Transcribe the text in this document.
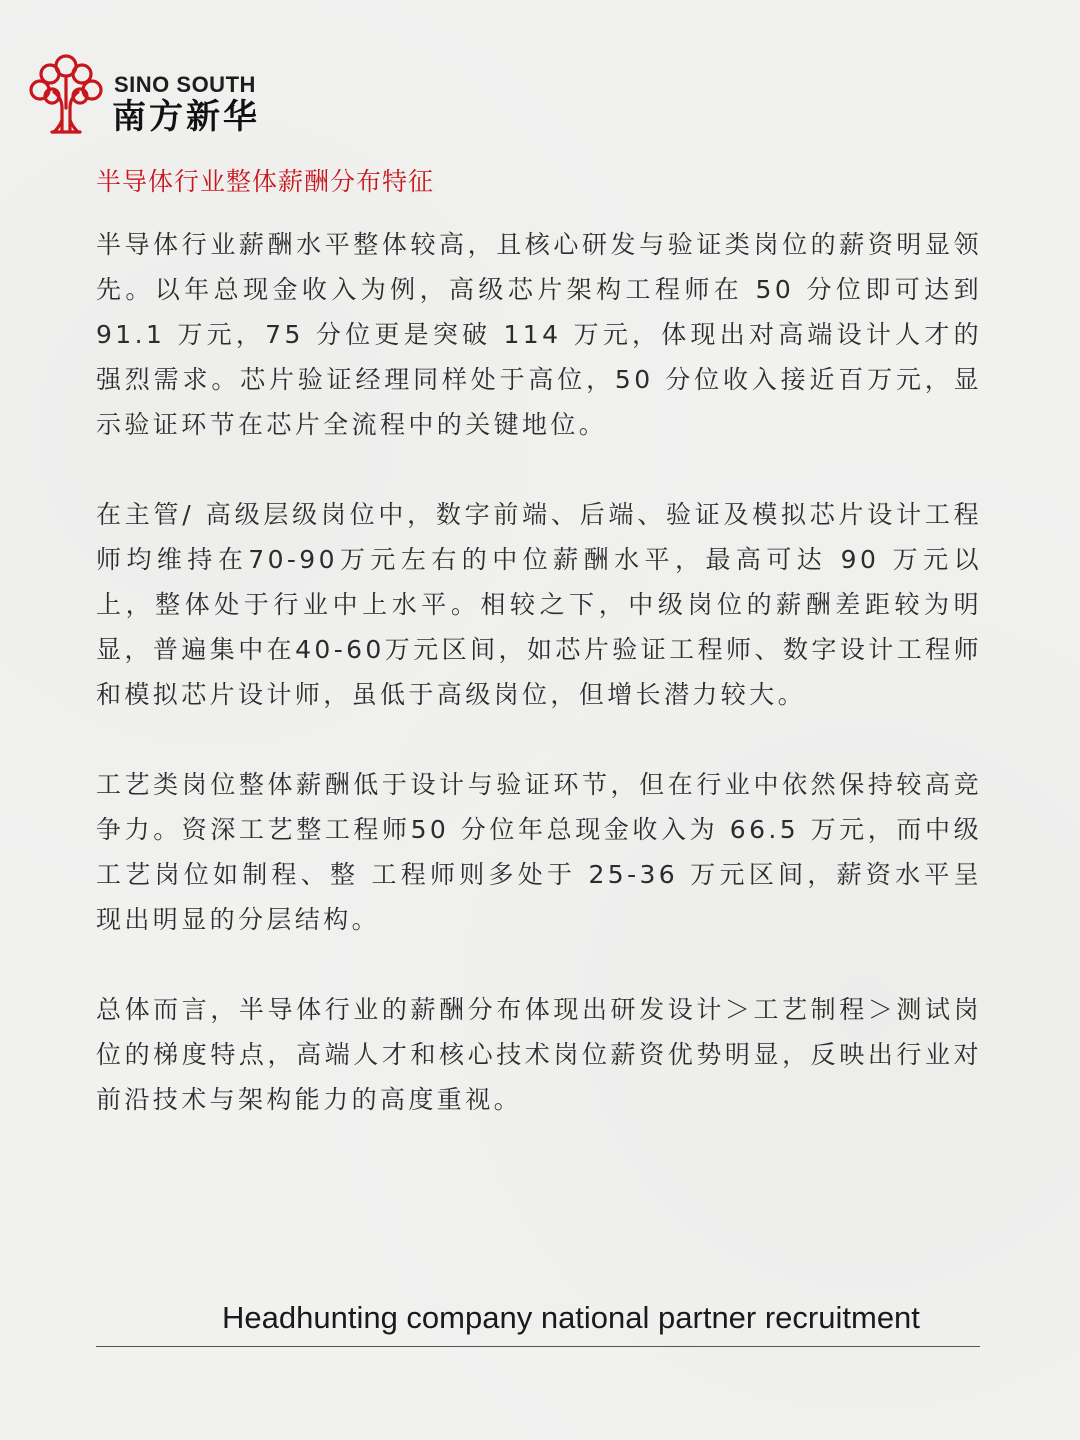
SINO SOUTH
南方新华
半导体行业整体薪酬分布特征

半导体行业薪酬水平整体较高，且核心研发与验证类岗位的薪资明显领先。以年总现金收入为例，高级芯片架构工程师在 50 分位即可达到 91.1 万元，75 分位更是突破 114 万元，体现出对高端设计人才的强烈需求。芯片验证经理同样处于高位，50 分位收入接近百万元，显示验证环节在芯片全流程中的关键地位。

在主管/ 高级层级岗位中，数字前端、后端、验证及模拟芯片设计工程师均维持在70-90万元左右的中位薪酬水平，最高可达 90 万元以上，整体处于行业中上水平。相较之下，中级岗位的薪酬差距较为明显，普遍集中在40-60万元区间，如芯片验证工程师、数字设计工程师和模拟芯片设计师，虽低于高级岗位，但增长潜力较大。

工艺类岗位整体薪酬低于设计与验证环节，但在行业中依然保持较高竞争力。资深工艺整工程师50 分位年总现金收入为 66.5 万元，而中级工艺岗位如制程、整 工程师则多处于 25-36 万元区间，薪资水平呈现出明显的分层结构。

总体而言，半导体行业的薪酬分布体现出研发设计＞工艺制程＞测试岗位的梯度特点，高端人才和核心技术岗位薪资优势明显，反映出行业对前沿技术与架构能力的高度重视。

Headhunting company national partner recruitment
